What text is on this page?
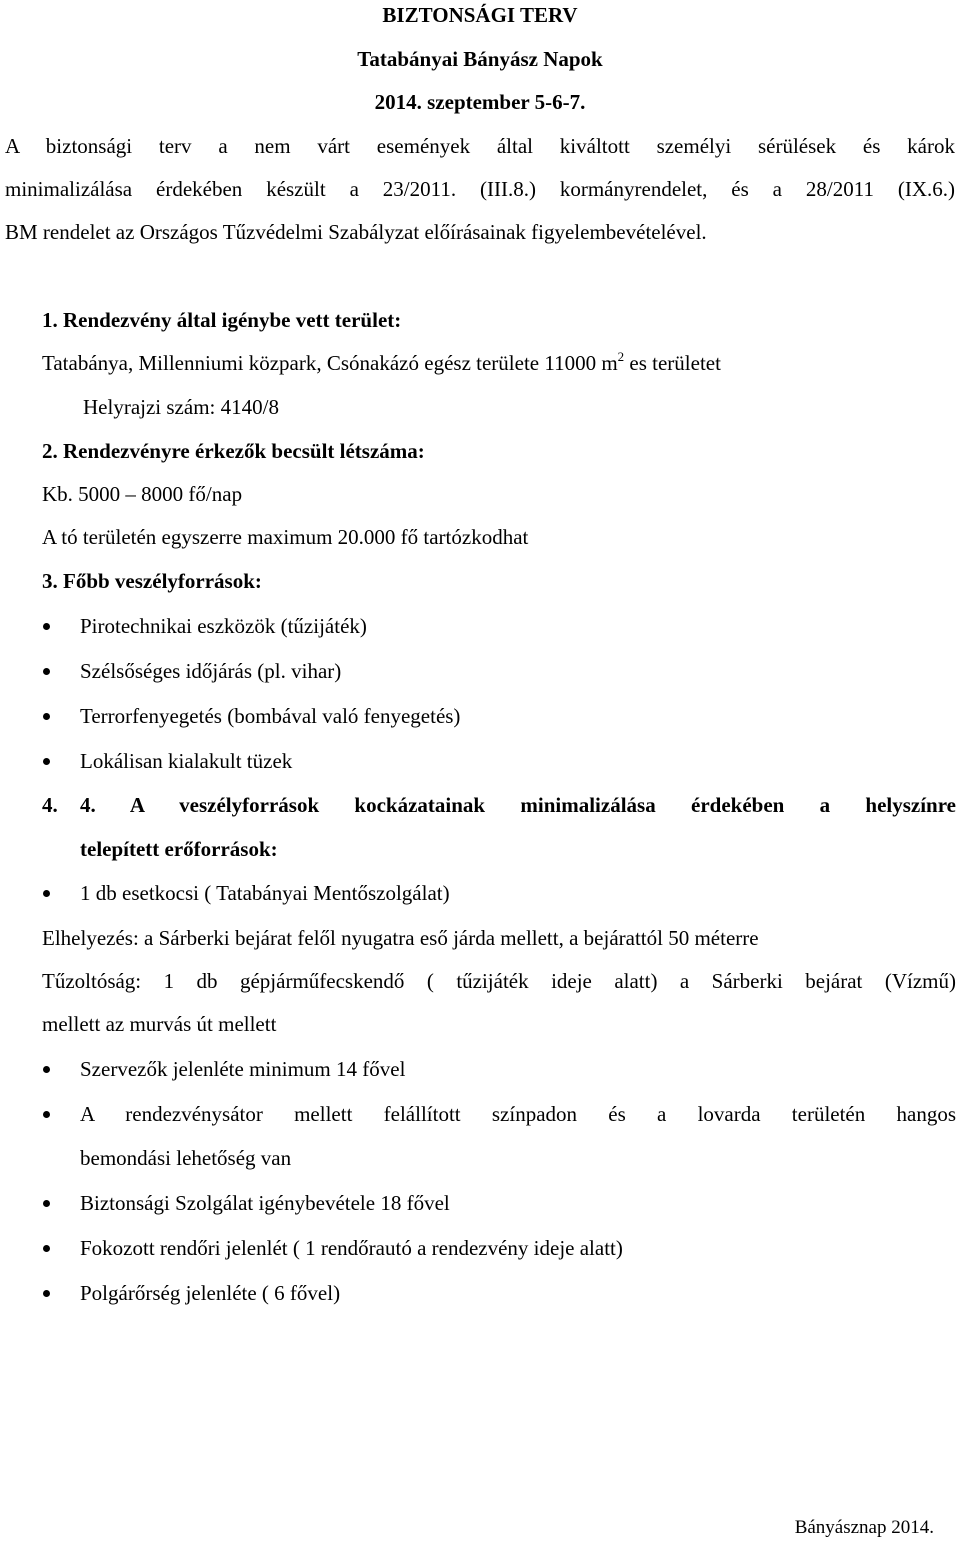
BIZTONSÁGI TERV
Tatabányai Bányász Napok
2014. szeptember 5-6-7.
A biztonsági terv a nem várt események által kiváltott személyi sérülések és károk
minimalizálása érdekében készült a 23/2011. (III.8.) kormányrendelet, és a 28/2011 (IX.6.)
BM rendelet az Országos Tűzvédelmi Szabályzat előírásainak figyelembevételével.
1. Rendezvény által igénybe vett terület:
Tatabánya, Millenniumi közpark, Csónakázó egész területe 11000 $m^2$ es területet
Helyrajzi szám: 4140/8
2. Rendezvényre érkezők becsült létszáma:
Kb. 5000 – 8000 fő/nap
A tó területén egyszerre maximum 20.000 fő tartózkodhat
3. Főbb veszélyforrások:
Pirotechnikai eszközök (tűzijáték)
Szélsőséges időjárás (pl. vihar)
Terrorfenyegetés (bombával való fenyegetés)
Lokálisan kialakult tüzek
4. 4. A veszélyforrások kockázatainak minimalizálása érdekében a helyszínre
telepített erőforrások:
1 db esetkocsi ( Tatabányai Mentőszolgálat)
Elhelyezés: a Sárberki bejárat felől nyugatra eső járda mellett, a bejárattól 50 méterre
Tűzoltóság: 1 db gépjárműfecskendő ( tűzijáték ideje alatt) a Sárberki bejárat (Vízmű)
mellett az murvás út mellett
Szervezők jelenléte minimum 14 fővel
A rendezvénysátor mellett felállított színpadon és a lovarda területén hangos
bemondási lehetőség van
Biztonsági Szolgálat igénybevétele 18 fővel
Fokozott rendőri jelenlét ( 1 rendőrautó a rendezvény ideje alatt)
Polgárőrség jelenléte ( 6 fővel)
Bányásznap 2014.
